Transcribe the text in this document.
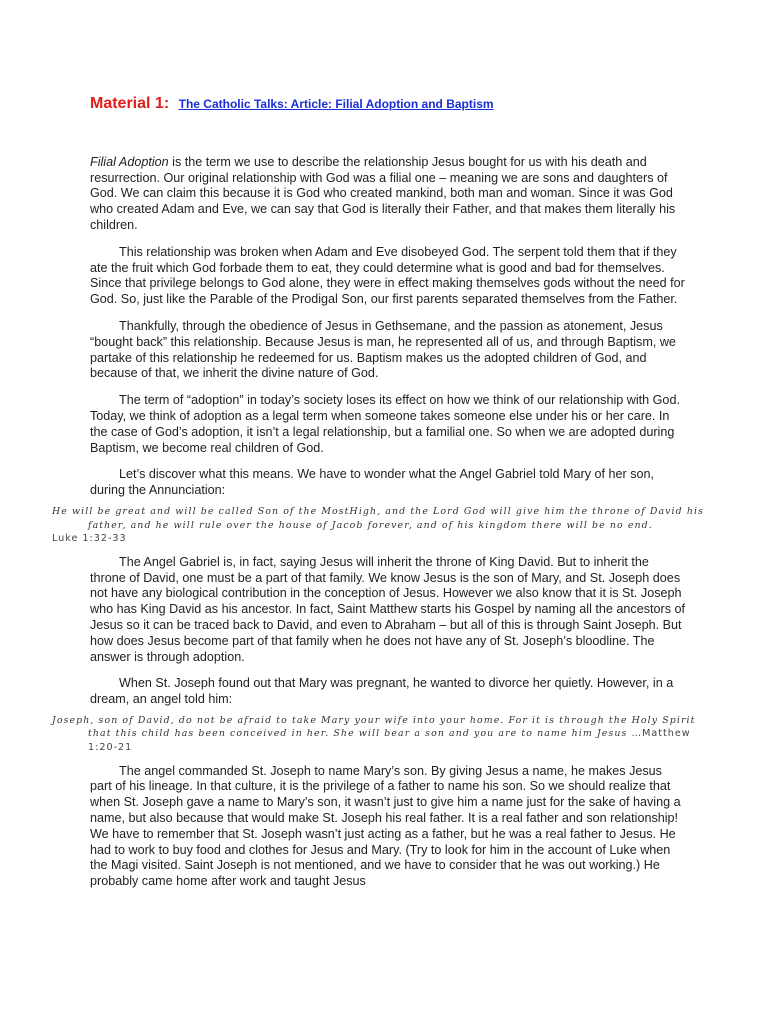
Material 1: The Catholic Talks: Article: Filial Adoption and Baptism

Filial Adoption is the term we use to describe the relationship Jesus bought for us with his death and resurrection. Our original relationship with God was a filial one – meaning we are sons and daughters of God. We can claim this because it is God who created mankind, both man and woman. Since it was God who created Adam and Eve, we can say that God is literally their Father, and that makes them literally his children.

This relationship was broken when Adam and Eve disobeyed God. The serpent told them that if they ate the fruit which God forbade them to eat, they could determine what is good and bad for themselves. Since that privilege belongs to God alone, they were in effect making themselves gods without the need for God. So, just like the Parable of the Prodigal Son, our first parents separated themselves from the Father.

Thankfully, through the obedience of Jesus in Gethsemane, and the passion as atonement, Jesus “bought back” this relationship. Because Jesus is man, he represented all of us, and through Baptism, we partake of this relationship he redeemed for us. Baptism makes us the adopted children of God, and because of that, we inherit the divine nature of God.

The term of “adoption” in today’s society loses its effect on how we think of our relationship with God. Today, we think of adoption as a legal term when someone takes someone else under his or her care. In the case of God’s adoption, it isn’t a legal relationship, but a familial one. So when we are adopted during Baptism, we become real children of God.

Let’s discover what this means. We have to wonder what the Angel Gabriel told Mary of her son, during the Annunciation:

He will be great and will be called Son of the MostHigh, and the Lord God will give him the throne of David his father, and he will rule over the house of Jacob forever, and of his kingdom there will be no end.
Luke 1:32-33

The Angel Gabriel is, in fact, saying Jesus will inherit the throne of King David. But to inherit the throne of David, one must be a part of that family. We know Jesus is the son of Mary, and St. Joseph does not have any biological contribution in the conception of Jesus. However we also know that it is St. Joseph who has King David as his ancestor. In fact, Saint Matthew starts his Gospel by naming all the ancestors of Jesus so it can be traced back to David, and even to Abraham – but all of this is through Saint Joseph. But how does Jesus become part of that family when he does not have any of St. Joseph’s bloodline. The answer is through adoption.

When St. Joseph found out that Mary was pregnant, he wanted to divorce her quietly. However, in a dream, an angel told him:

Joseph, son of David, do not be afraid to take Mary your wife into your home. For it is through the Holy Spirit that this child has been conceived in her. She will bear a son and you are to name him Jesus …Matthew 1:20-21

The angel commanded St. Joseph to name Mary’s son. By giving Jesus a name, he makes Jesus part of his lineage. In that culture, it is the privilege of a father to name his son. So we should realize that when St. Joseph gave a name to Mary’s son, it wasn’t just to give him a name just for the sake of having a name, but also because that would make St. Joseph his real father. It is a real father and son relationship! We have to remember that St. Joseph wasn’t just acting as a father, but he was a real father to Jesus. He had to work to buy food and clothes for Jesus and Mary. (Try to look for him in the account of Luke when the Magi visited. Saint Joseph is not mentioned, and we have to consider that he was out working.) He probably came home after work and taught Jesus
